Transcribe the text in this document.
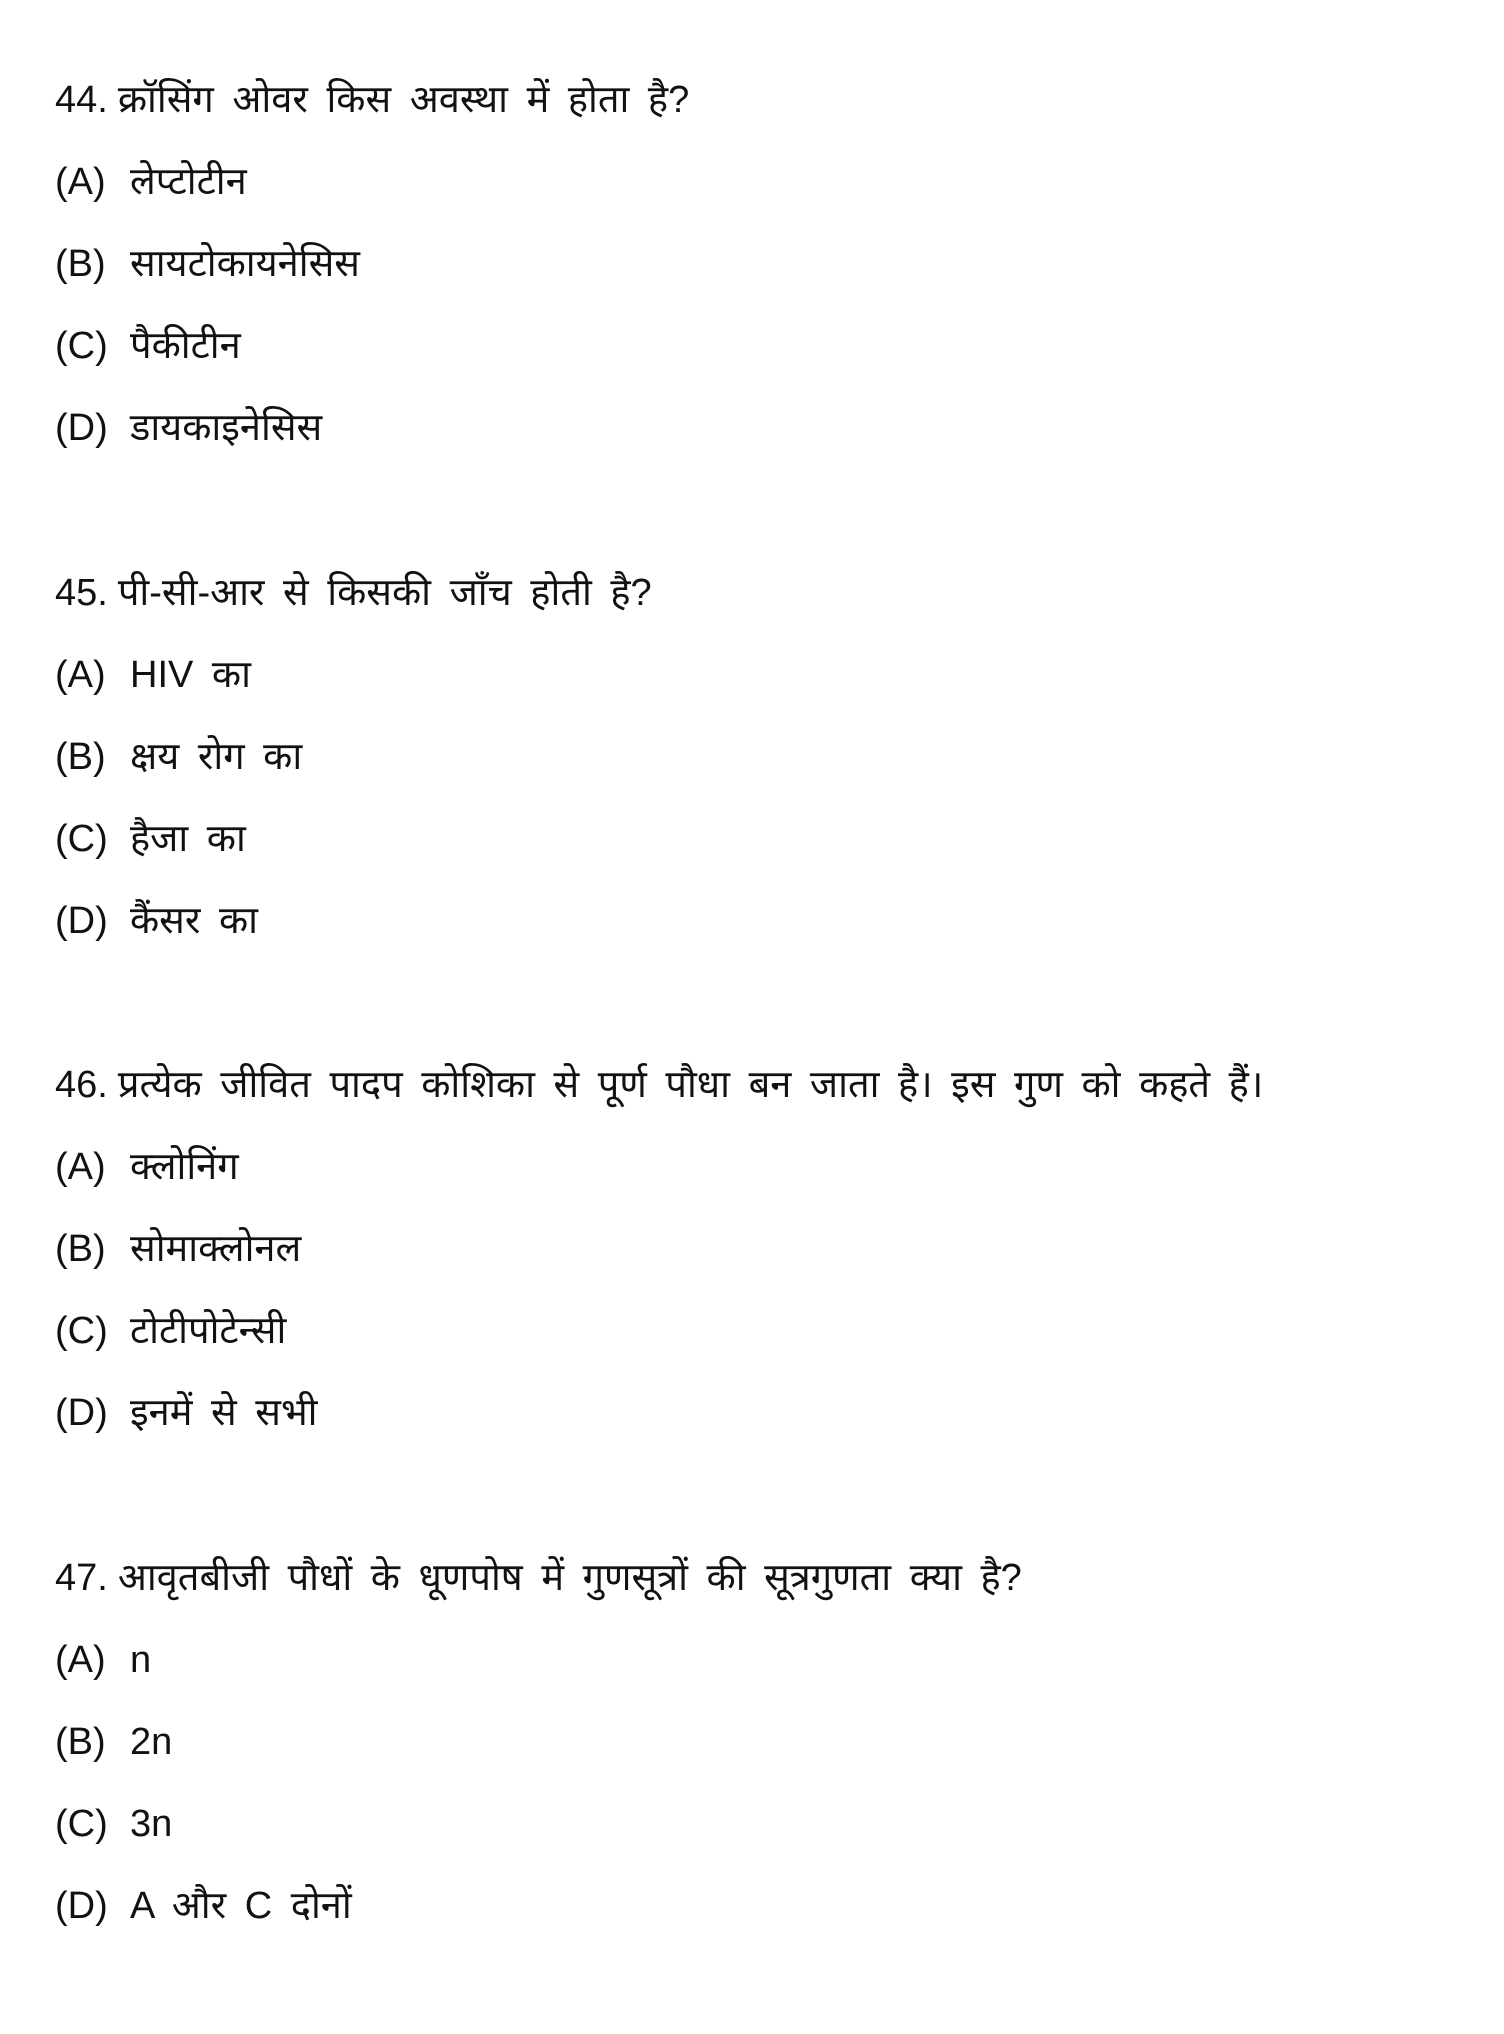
44. क्रॉसिंग ओवर किस अवस्था में होता है?
(A) लेप्टोटीन
(B) सायटोकायनेसिस
(C) पैकीटीन
(D) डायकाइनेसिस
45. पी-सी-आर से किसकी जाँच होती है?
(A) HIV का
(B) क्षय रोग का
(C) हैजा का
(D) कैंसर का
46. प्रत्येक जीवित पादप कोशिका से पूर्ण पौधा बन जाता है। इस गुण को कहते हैं।
(A) क्लोनिंग
(B) सोमाक्लोनल
(C) टोटीपोटेन्सी
(D) इनमें से सभी
47. आवृतबीजी पौधों के धूणपोष में गुणसूत्रों की सूत्रगुणता क्या है?
(A) n
(B) 2n
(C) 3n
(D) A और C दोनों
